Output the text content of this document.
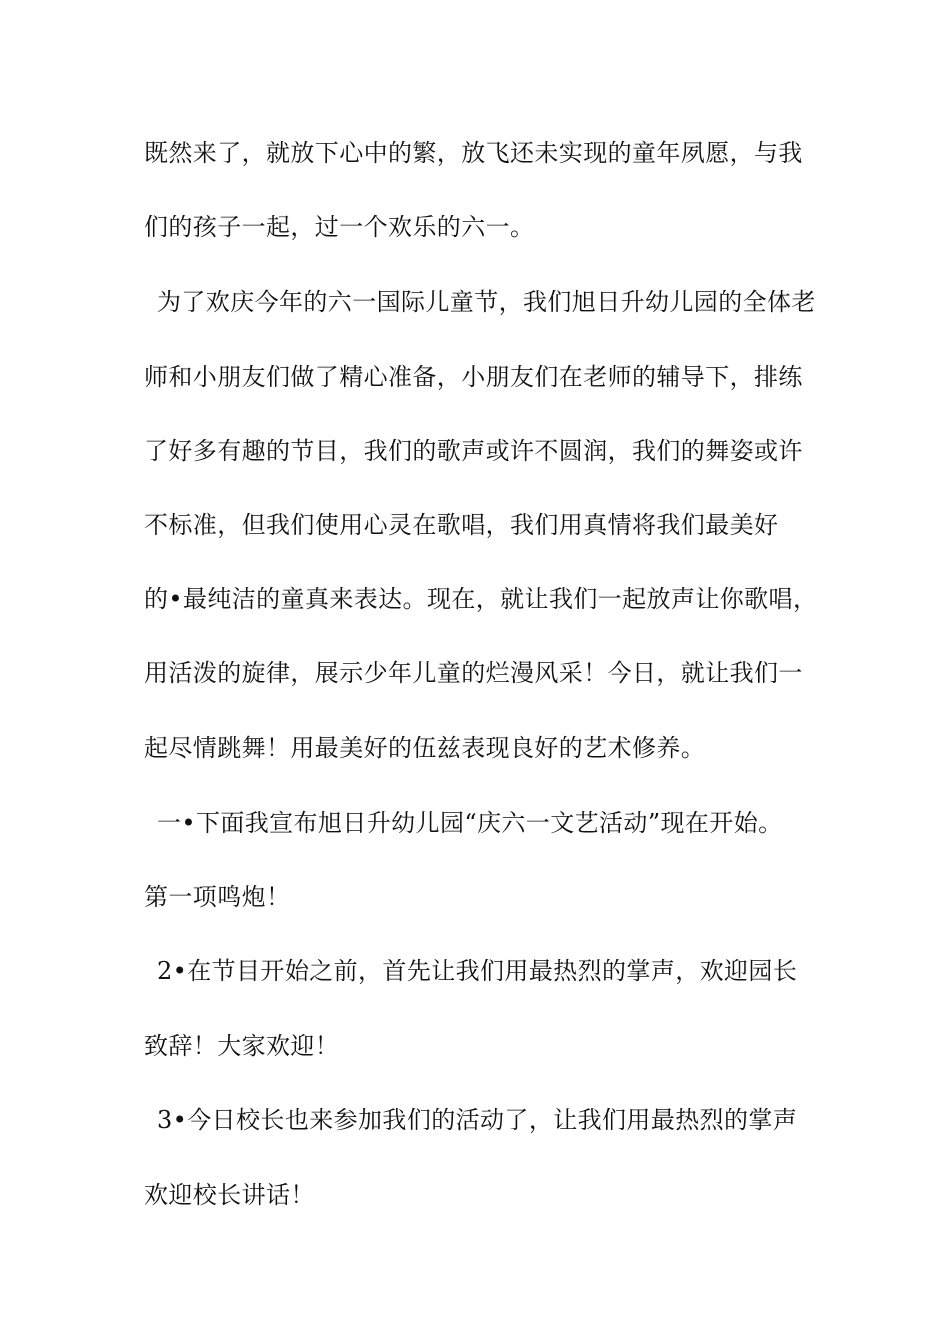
既然来了，就放下心中的繁，放飞还未实现的童年夙愿，与我
们的孩子一起，过一个欢乐的六一。
为了欢庆今年的六一国际儿童节，我们旭日升幼儿园的全体老
师和小朋友们做了精心准备，小朋友们在老师的辅导下，排练
了好多有趣的节目，我们的歌声或许不圆润，我们的舞姿或许
不标准，但我们使用心灵在歌唱，我们用真情将我们最美好
的•最纯洁的童真来表达。现在，就让我们一起放声让你歌唱，
用活泼的旋律，展示少年儿童的烂漫风采！今日，就让我们一
起尽情跳舞！用最美好的伍兹表现良好的艺术修养。
一•下面我宣布旭日升幼儿园“庆六一文艺活动”现在开始。
第一项鸣炮！
2•在节目开始之前，首先让我们用最热烈的掌声，欢迎园长
致辞！大家欢迎！
3•今日校长也来参加我们的活动了，让我们用最热烈的掌声
欢迎校长讲话！
